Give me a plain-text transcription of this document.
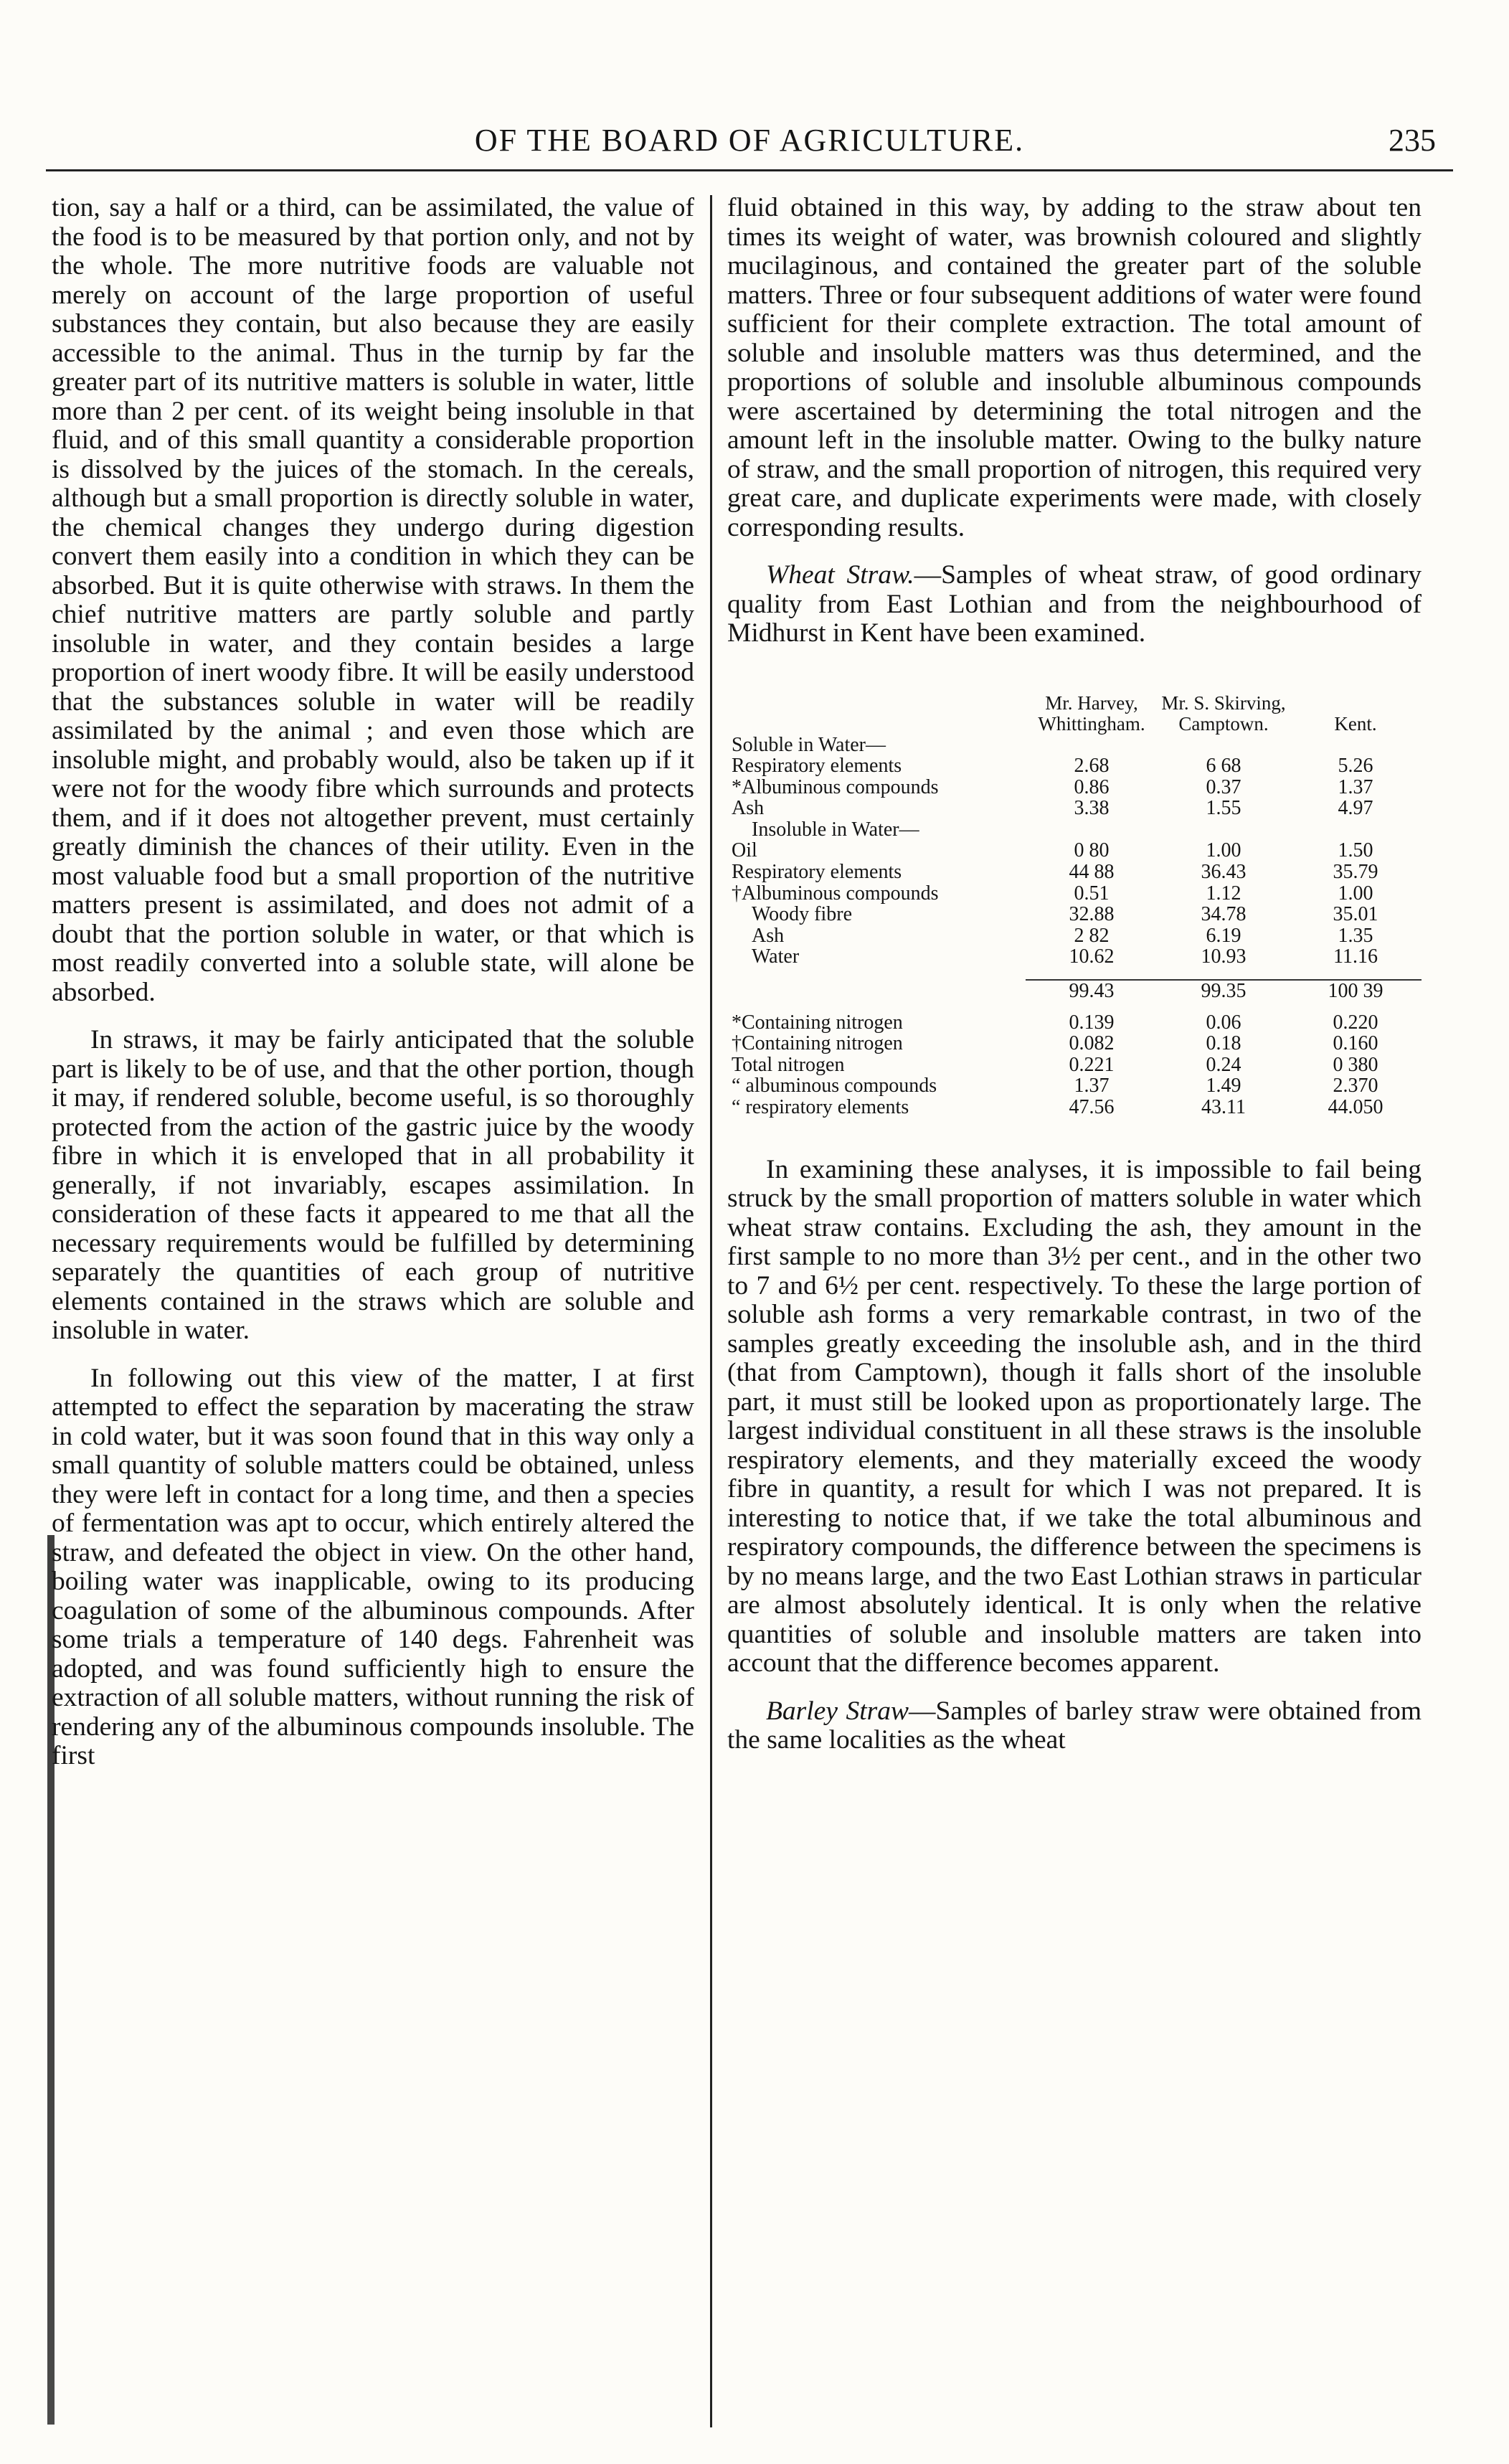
OF THE BOARD OF AGRICULTURE.	235

tion, say a half or a third, can be assimilated, the value of the food is to be measured by that portion only, and not by the whole. The more nutritive foods are valuable not merely on account of the large proportion of useful substances they contain, but also because they are easily accessible to the animal. Thus in the turnip by far the greater part of its nutritive matters is soluble in water, little more than 2 per cent. of its weight being insoluble in that fluid, and of this small quantity a considerable proportion is dissolved by the juices of the stomach. In the cereals, although but a small proportion is directly soluble in water, the chemical changes they undergo during digestion convert them easily into a condition in which they can be absorbed. But it is quite otherwise with straws. In them the chief nutritive matters are partly soluble and partly insoluble in water, and they contain besides a large proportion of inert woody fibre. It will be easily understood that the substances soluble in water will be readily assimilated by the animal ; and even those which are insoluble might, and probably would, also be taken up if it were not for the woody fibre which surrounds and protects them, and if it does not altogether prevent, must certainly greatly diminish the chances of their utility. Even in the most valuable food but a small proportion of the nutritive matters present is assimilated, and does not admit of a doubt that the portion soluble in water, or that which is most readily converted into a soluble state, will alone be absorbed.

In straws, it may be fairly anticipated that the soluble part is likely to be of use, and that the other portion, though it may, if rendered soluble, become useful, is so thoroughly protected from the action of the gastric juice by the woody fibre in which it is enveloped that in all probability it generally, if not invariably, escapes assimilation. In consideration of these facts it appeared to me that all the necessary requirements would be fulfilled by determining separately the quantities of each group of nutritive elements contained in the straws which are soluble and insoluble in water.

In following out this view of the matter, I at first attempted to effect the separation by macerating the straw in cold water, but it was soon found that in this way only a small quantity of soluble matters could be obtained, unless they were left in contact for a long time, and then a species of fermentation was apt to occur, which entirely altered the straw, and defeated the object in view. On the other hand, boiling water was inapplicable, owing to its producing coagulation of some of the albuminous compounds. After some trials a temperature of 140 degs. Fahrenheit was adopted, and was found sufficiently high to ensure the extraction of all soluble matters, without running the risk of rendering any of the albuminous compounds insoluble. The first

fluid obtained in this way, by adding to the straw about ten times its weight of water, was brownish coloured and slightly mucilaginous, and contained the greater part of the soluble matters. Three or four subsequent additions of water were found sufficient for their complete extraction. The total amount of soluble and insoluble matters was thus determined, and the proportions of soluble and insoluble albuminous compounds were ascertained by determining the total nitrogen and the amount left in the insoluble matter. Owing to the bulky nature of straw, and the small proportion of nitrogen, this required very great care, and duplicate experiments were made, with closely corresponding results.

Wheat Straw.—Samples of wheat straw, of good ordinary quality from East Lothian and from the neighbourhood of Midhurst in Kent have been examined.

	Mr. Harvey,	Mr. S. Skirving,	
	Whittingham.	Camptown.	Kent.
Soluble in Water—			
Respiratory elements	2.68	6 68	5.26
*Albuminous compounds	0.86	0.37	1.37
Ash	3.38	1.55	4.97
Insoluble in Water—			
Oil	0 80	1.00	1.50
Respiratory elements	44 88	36.43	35.79
†Albuminous compounds	0.51	1.12	1.00
Woody fibre	32.88	34.78	35.01
Ash	2 82	6.19	1.35
Water	10.62	10.93	11.16

	99.43	99.35	100 39

*Containing nitrogen	0.139	0.06	0.220
†Containing nitrogen	0.082	0.18	0.160
Total nitrogen	0.221	0.24	0 380
“ albuminous compounds	1.37	1.49	2.370
“ respiratory elements	47.56	43.11	44.050

In examining these analyses, it is impossible to fail being struck by the small proportion of matters soluble in water which wheat straw contains. Excluding the ash, they amount in the first sample to no more than 3½ per cent., and in the other two to 7 and 6½ per cent. respectively. To these the large portion of soluble ash forms a very remarkable contrast, in two of the samples greatly exceeding the insoluble ash, and in the third (that from Camptown), though it falls short of the insoluble part, it must still be looked upon as proportionately large. The largest individual constituent in all these straws is the insoluble respiratory elements, and they materially exceed the woody fibre in quantity, a result for which I was not prepared. It is interesting to notice that, if we take the total albuminous and respiratory compounds, the difference between the specimens is by no means large, and the two East Lothian straws in particular are almost absolutely identical. It is only when the relative quantities of soluble and insoluble matters are taken into account that the difference becomes apparent.

Barley Straw—Samples of barley straw were obtained from the same localities as the wheat
